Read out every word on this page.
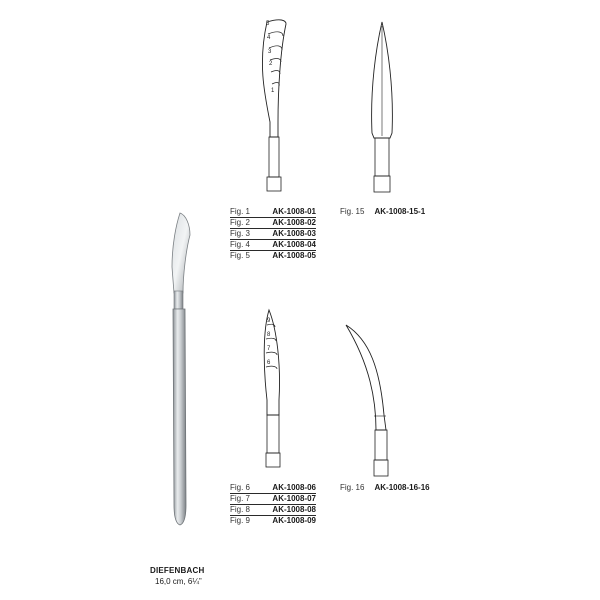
5
4
3
2
1
9
8
7
6
Fig. 1	AK-1008-01
Fig. 2	AK-1008-02
Fig. 3	AK-1008-03
Fig. 4	AK-1008-04
Fig. 5	AK-1008-05
Fig. 15 AK-1008-15-1
Fig. 6	AK-1008-06
Fig. 7	AK-1008-07
Fig. 8	AK-1008-08
Fig. 9	AK-1008-09
Fig. 16 AK-1008-16-16
DIEFENBACH
16,0 cm, 6¼”
